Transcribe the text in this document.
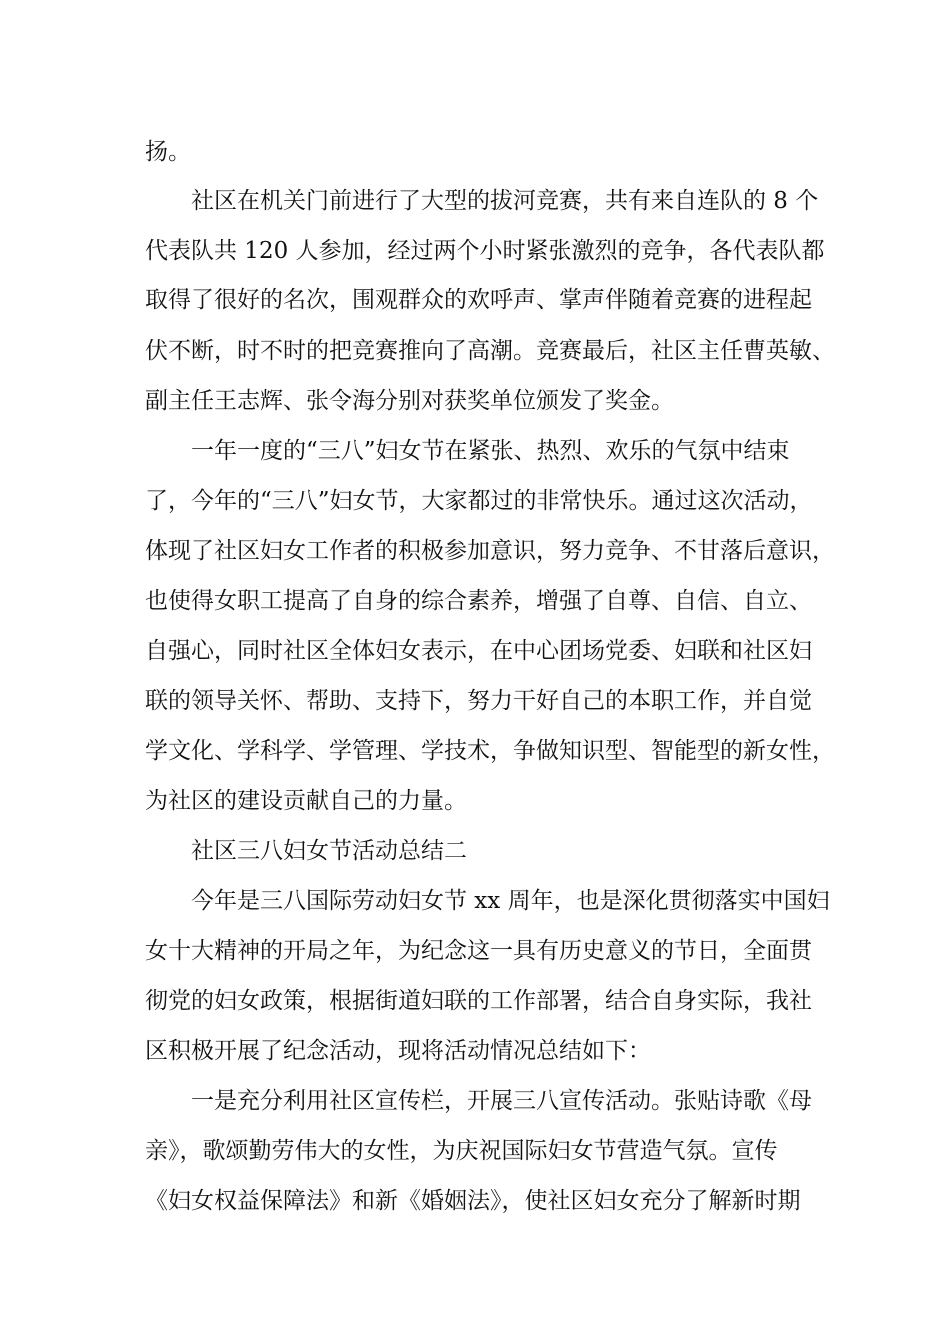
扬。
　　社区在机关门前进行了大型的拔河竞赛，共有来自连队的 8 个
代表队共 120 人参加，经过两个小时紧张激烈的竞争，各代表队都
取得了很好的名次，围观群众的欢呼声、掌声伴随着竞赛的进程起
伏不断，时不时的把竞赛推向了高潮。竞赛最后，社区主任曹英敏、
副主任王志辉、张令海分别对获奖单位颁发了奖金。
　　一年一度的“三八”妇女节在紧张、热烈、欢乐的气氛中结束
了，今年的“三八”妇女节，大家都过的非常快乐。通过这次活动，
体现了社区妇女工作者的积极参加意识，努力竞争、不甘落后意识，
也使得女职工提高了自身的综合素养，增强了自尊、自信、自立、
自强心，同时社区全体妇女表示，在中心团场党委、妇联和社区妇
联的领导关怀、帮助、支持下，努力干好自己的本职工作，并自觉
学文化、学科学、学管理、学技术，争做知识型、智能型的新女性，
为社区的建设贡献自己的力量。
　　社区三八妇女节活动总结二
　　今年是三八国际劳动妇女节 xx 周年，也是深化贯彻落实中国妇
女十大精神的开局之年，为纪念这一具有历史意义的节日，全面贯
彻党的妇女政策，根据街道妇联的工作部署，结合自身实际，我社
区积极开展了纪念活动，现将活动情况总结如下：
　　一是充分利用社区宣传栏，开展三八宣传活动。张贴诗歌《母
亲》，歌颂勤劳伟大的女性，为庆祝国际妇女节营造气氛。宣传
《妇女权益保障法》和新《婚姻法》，使社区妇女充分了解新时期
